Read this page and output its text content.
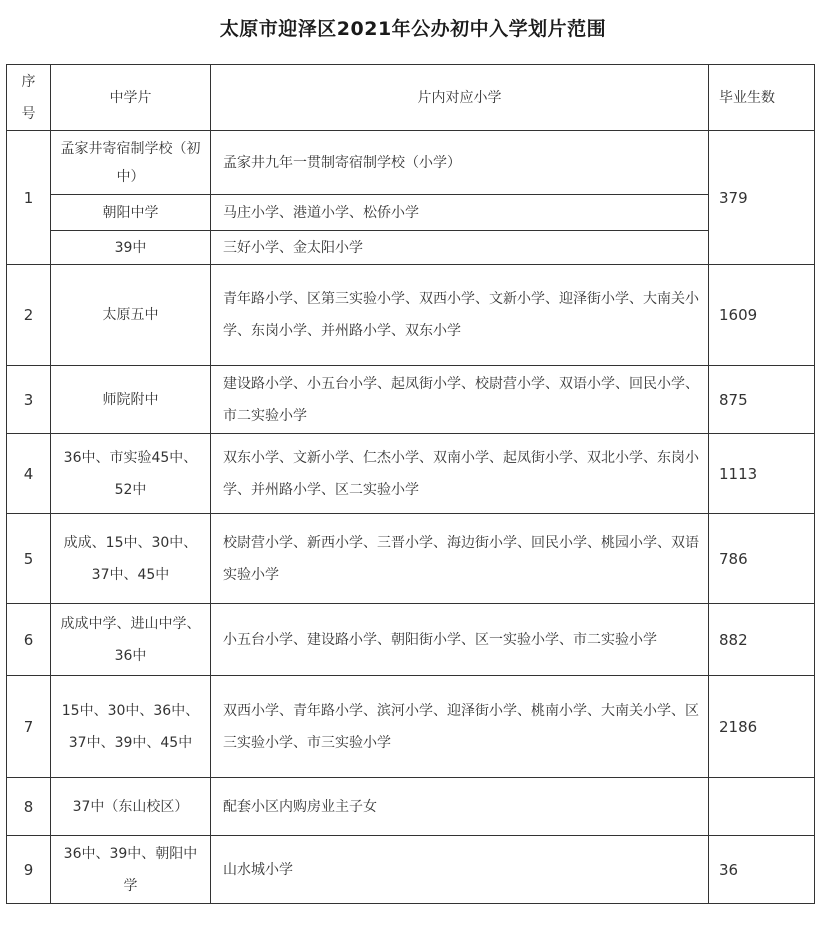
太原市迎泽区2021年公办初中入学划片范围
序号	中学片	片内对应小学	毕业生数
1	孟家井寄宿制学校（初中）	孟家井九年一贯制寄宿制学校（小学）	379
	朝阳中学	马庄小学、港道小学、松侨小学	
	39中	三好小学、金太阳小学	
2	太原五中	青年路小学、区第三实验小学、双西小学、文新小学、迎泽街小学、大南关小学、东岗小学、并州路小学、双东小学	1609
3	师院附中	建设路小学、小五台小学、起凤街小学、校尉营小学、双语小学、回民小学、市二实验小学	875
4	36中、市实验45中、52中	双东小学、文新小学、仁杰小学、双南小学、起凤街小学、双北小学、东岗小学、并州路小学、区二实验小学	1113
5	成成、15中、30中、37中、45中	校尉营小学、新西小学、三晋小学、海边街小学、回民小学、桃园小学、双语实验小学	786
6	成成中学、进山中学、36中	小五台小学、建设路小学、朝阳街小学、区一实验小学、市二实验小学	882
7	15中、30中、36中、37中、39中、45中	双西小学、青年路小学、滨河小学、迎泽街小学、桃南小学、大南关小学、区三实验小学、市三实验小学	2186
8	37中（东山校区）	配套小区内购房业主子女	
9	36中、39中、朝阳中学	山水城小学	36
